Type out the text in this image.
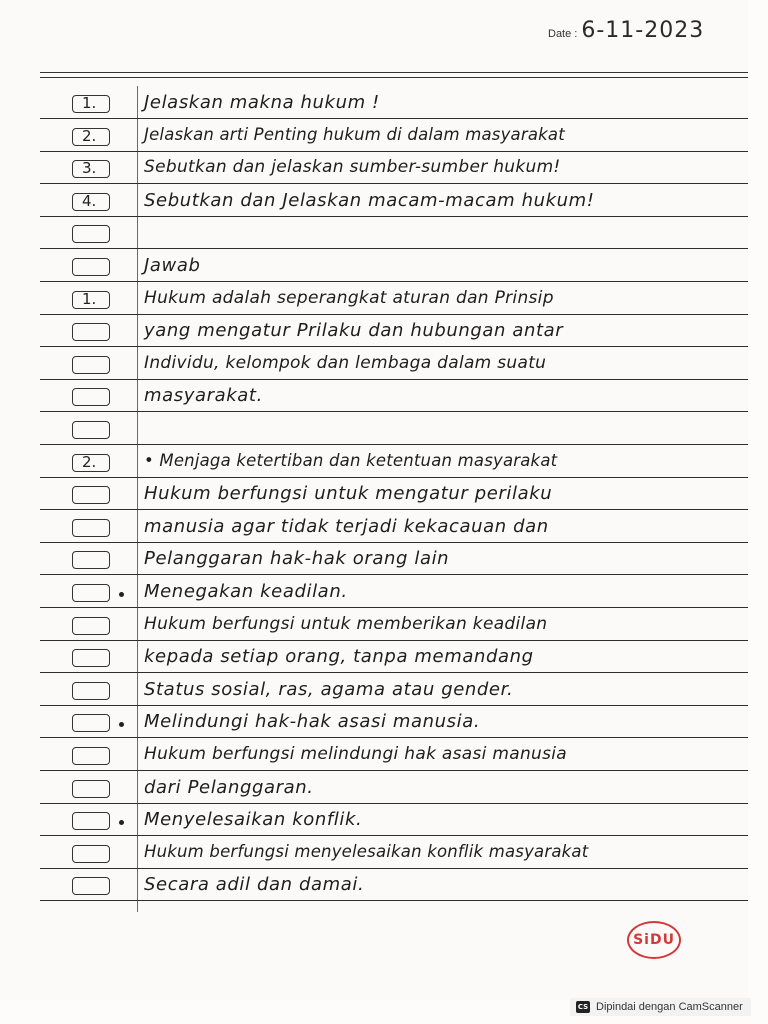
Date : 6-11-2023
1.	Jelaskan makna hukum !
2.	Jelaskan arti Penting hukum di dalam masyarakat
3.	Sebutkan dan jelaskan sumber-sumber hukum!
4.	Sebutkan dan Jelaskan macam-macam hukum!
Jawab
1.	Hukum adalah seperangkat aturan dan Prinsip
yang mengatur Prilaku dan hubungan antar
Individu, kelompok dan lembaga dalam suatu
masyarakat.
2.	• Menjaga ketertiban dan ketentuan masyarakat
Hukum berfungsi untuk mengatur perilaku
manusia agar tidak terjadi kekacauan dan
Pelanggaran hak-hak orang lain
Menegakan keadilan.
Hukum berfungsi untuk memberikan keadilan
kepada setiap orang, tanpa memandang
Status sosial, ras, agama atau gender.
Melindungi hak-hak asasi manusia.
Hukum berfungsi melindungi hak asasi manusia
dari Pelanggaran.
Menyelesaikan konflik.
Hukum berfungsi menyelesaikan konflik masyarakat
Secara adil dan damai.
SiDU
CS Dipindai dengan CamScanner
